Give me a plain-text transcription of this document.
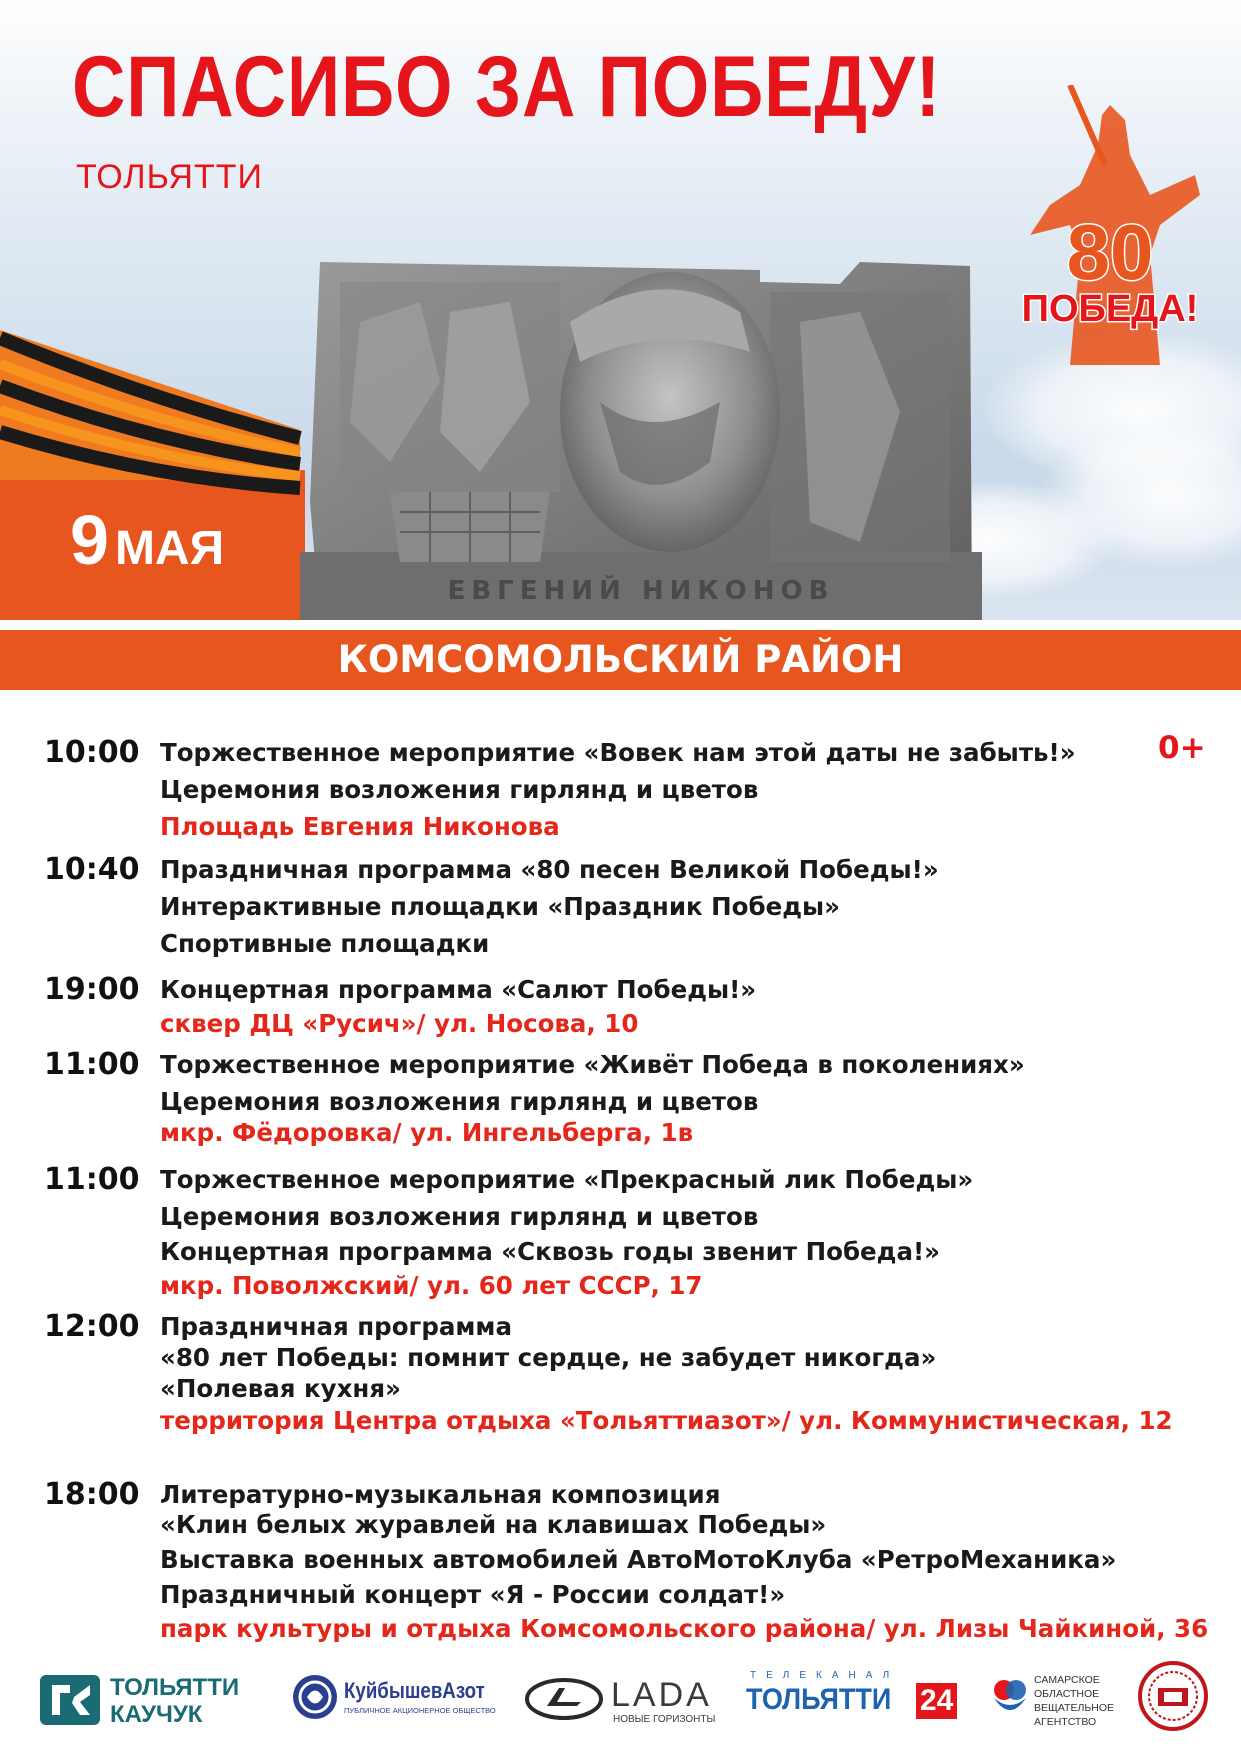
СПАСИБО ЗА ПОБЕДУ!
ТОЛЬЯТТИ
9 МАЯ
ЕВГЕНИЙ НИКОНОВ
80
ПОБЕДА!
КОМСОМОЛЬСКИЙ РАЙОН
0+
10:00 Торжественное мероприятие «Вовек нам этой даты не забыть!»
Церемония возложения гирлянд и цветов
Площадь Евгения Никонова
10:40 Праздничная программа «80 песен Великой Победы!»
Интерактивные площадки «Праздник Победы»
Спортивные площадки
19:00 Концертная программа «Салют Победы!»
сквер ДЦ «Русич»/ ул. Носова, 10
11:00 Торжественное мероприятие «Живёт Победа в поколениях»
Церемония возложения гирлянд и цветов
мкр. Фёдоровка/ ул. Ингельберга, 1в
11:00 Торжественное мероприятие «Прекрасный лик Победы»
Церемония возложения гирлянд и цветов
Концертная программа «Сквозь годы звенит Победа!»
мкр. Поволжский/ ул. 60 лет СССР, 17
12:00 Праздничная программа
«80 лет Победы: помнит сердце, не забудет никогда»
«Полевая кухня»
территория Центра отдыха «Тольяттиазот»/ ул. Коммунистическая, 12
18:00 Литературно-музыкальная композиция
«Клин белых журавлей на клавишах Победы»
Выставка военных автомобилей АвтоМотоКлуба «РетроМеханика»
Праздничный концерт «Я - России солдат!»
парк культуры и отдыха Комсомольского района/ ул. Лизы Чайкиной, 36
ТОЛЬЯТТИ
КАУЧУК
КуйбышевАзот
ПУБЛИЧНОЕ АКЦИОНЕРНОЕ ОБЩЕСТВО	LADA
НОВЫЕ ГОРИЗОНТЫ
ТЕЛЕКАНАЛ
ТОЛЬЯТТИ 24
САМАРСКОЕ
ОБЛАСТНОЕ
ВЕЩАТЕЛЬНОЕ
АГЕНТСТВО
